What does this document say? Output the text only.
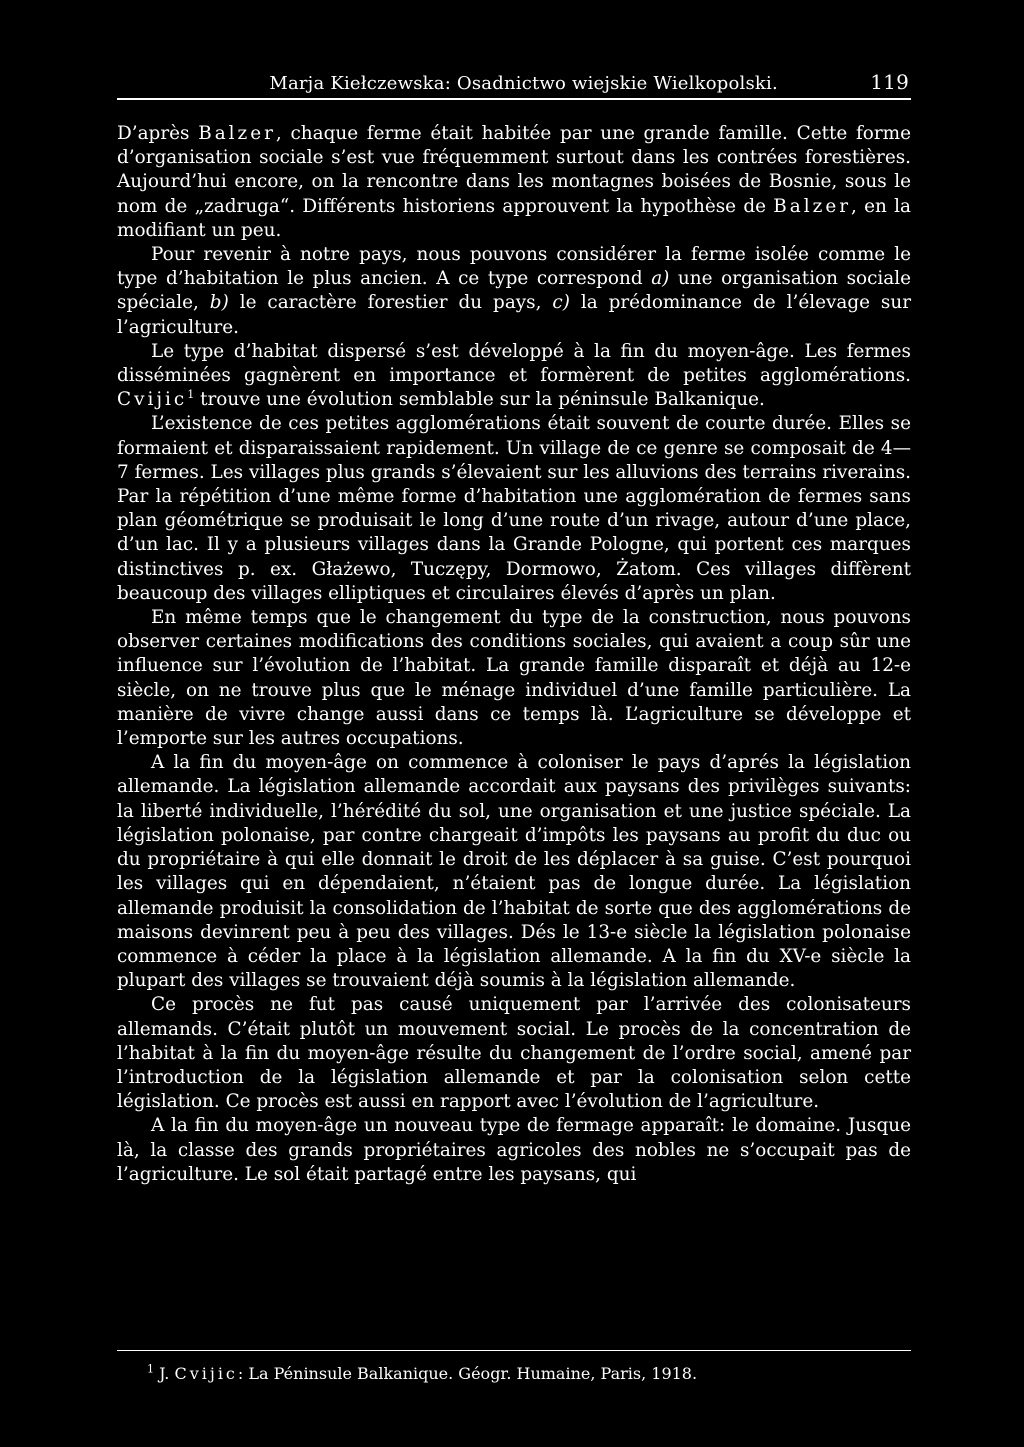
Marja Kiełczewska: Osadnictwo wiejskie Wielkopolski.	119

D’après Balzer, chaque ferme était habitée par une grande famille. Cette forme d’organisation sociale s’est vue fréquemment surtout dans les contrées forestières. Aujourd’hui encore, on la rencontre dans les montagnes boisées de Bosnie, sous le nom de „zadruga“. Différents historiens approuvent la hypothèse de Balzer, en la modifiant un peu.

Pour revenir à notre pays, nous pouvons considérer la ferme isolée comme le type d’habitation le plus ancien. A ce type correspond a) une organisation sociale spéciale, b) le caractère forestier du pays, c) la prédominance de l’élevage sur l’agriculture.

Le type d’habitat dispersé s’est développé à la fin du moyen-âge. Les fermes disséminées gagnèrent en importance et formèrent de petites agglomérations. Cvijic$^1$ trouve une évolution semblable sur la péninsule Balkanique.

L’existence de ces petites agglomérations était souvent de courte durée. Elles se formaient et disparaissaient rapidement. Un village de ce genre se composait de 4—7 fermes. Les villages plus grands s’élevaient sur les alluvions des terrains riverains. Par la répétition d’une même forme d’habitation une agglomération de fermes sans plan géométrique se produisait le long d’une route d’un rivage, autour d’une place, d’un lac. Il y a plusieurs villages dans la Grande Pologne, qui portent ces marques distinctives p. ex. Głażewo, Tuczępy, Dormowo, Żatom. Ces villages diffèrent beaucoup des villages elliptiques et circulaires élevés d’après un plan.

En même temps que le changement du type de la construction, nous pouvons observer certaines modifications des conditions sociales, qui avaient a coup sûr une influence sur l’évolution de l’habitat. La grande famille disparaît et déjà au 12-e siècle, on ne trouve plus que le ménage individuel d’une famille particulière. La manière de vivre change aussi dans ce temps là. L’agriculture se développe et l’emporte sur les autres occupations.

A la fin du moyen-âge on commence à coloniser le pays d’aprés la législation allemande. La législation allemande accordait aux paysans des privilèges suivants: la liberté individuelle, l’hérédité du sol, une organisation et une justice spéciale. La législation polonaise, par contre chargeait d’impôts les paysans au profit du duc ou du propriétaire à qui elle donnait le droit de les déplacer à sa guise. C’est pourquoi les villages qui en dépendaient, n’étaient pas de longue durée. La législation allemande produisit la consolidation de l’habitat de sorte que des agglomérations de maisons devinrent peu à peu des villages. Dés le 13-e siècle la législation polonaise commence à céder la place à la législation allemande. A la fin du XV-e siècle la plupart des villages se trouvaient déjà soumis à la législation allemande.

Ce procès ne fut pas causé uniquement par l’arrivée des colonisateurs allemands. C’était plutôt un mouvement social. Le procès de la concentration de l’habitat à la fin du moyen-âge résulte du changement de l’ordre social, amené par l’introduction de la législation allemande et par la colonisation selon cette législation. Ce procès est aussi en rapport avec l’évolution de l’agriculture.

A la fin du moyen-âge un nouveau type de fermage apparaît: le domaine. Jusque là, la classe des grands propriétaires agricoles des nobles ne s’occupait pas de l’agriculture. Le sol était partagé entre les paysans, qui

$^1$ J. Cvijic: La Péninsule Balkanique. Géogr. Humaine, Paris, 1918.
